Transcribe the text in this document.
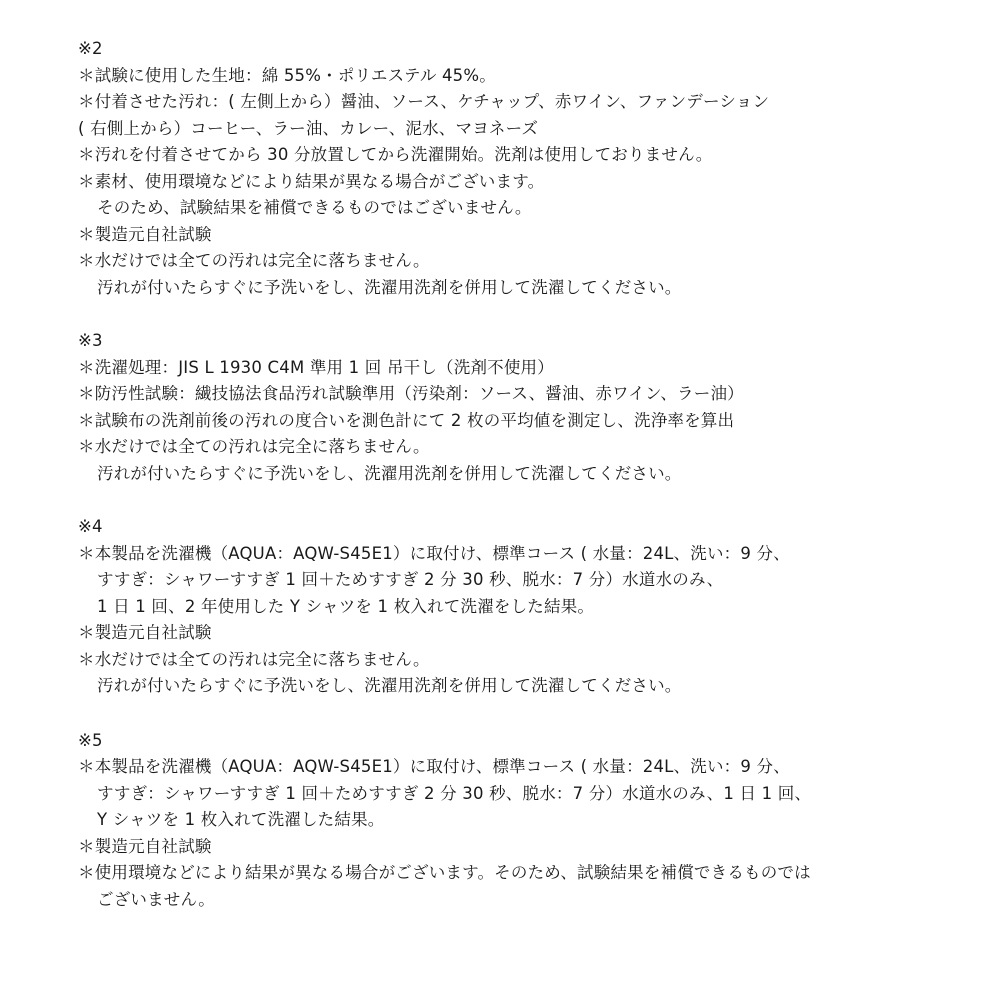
※2
＊試験に使用した生地：綿 55%・ポリエステル 45%。
＊付着させた汚れ：( 左側上から）醤油、ソース、ケチャップ、赤ワイン、ファンデーション
( 右側上から）コーヒー、ラー油、カレー、泥水、マヨネーズ
＊汚れを付着させてから 30 分放置してから洗濯開始。洗剤は使用しておりません。
＊素材、使用環境などにより結果が異なる場合がございます。
そのため、試験結果を補償できるものではございません。
＊製造元自社試験
＊水だけでは全ての汚れは完全に落ちません。
汚れが付いたらすぐに予洗いをし、洗濯用洗剤を併用して洗濯してください。
※3
＊洗濯処理：JIS L 1930 C4M 準用 1 回 吊干し（洗剤不使用）
＊防汚性試験：繊技協法食品汚れ試験準用（汚染剤：ソース、醤油、赤ワイン、ラー油）
＊試験布の洗剤前後の汚れの度合いを測色計にて 2 枚の平均値を測定し、洗浄率を算出
＊水だけでは全ての汚れは完全に落ちません。
汚れが付いたらすぐに予洗いをし、洗濯用洗剤を併用して洗濯してください。
※4
＊本製品を洗濯機（AQUA：AQW-S45E1）に取付け、標準コース ( 水量：24L、洗い：9 分、
すすぎ：シャワーすすぎ 1 回＋ためすすぎ 2 分 30 秒、脱水：7 分）水道水のみ、
1 日 1 回、2 年使用した Y シャツを 1 枚入れて洗濯をした結果。
＊製造元自社試験
＊水だけでは全ての汚れは完全に落ちません。
汚れが付いたらすぐに予洗いをし、洗濯用洗剤を併用して洗濯してください。
※5
＊本製品を洗濯機（AQUA：AQW-S45E1）に取付け、標準コース ( 水量：24L、洗い：9 分、
すすぎ：シャワーすすぎ 1 回＋ためすすぎ 2 分 30 秒、脱水：7 分）水道水のみ、1 日 1 回、
Y シャツを 1 枚入れて洗濯した結果。
＊製造元自社試験
＊使用環境などにより結果が異なる場合がございます。そのため、試験結果を補償できるものでは
ございません。
